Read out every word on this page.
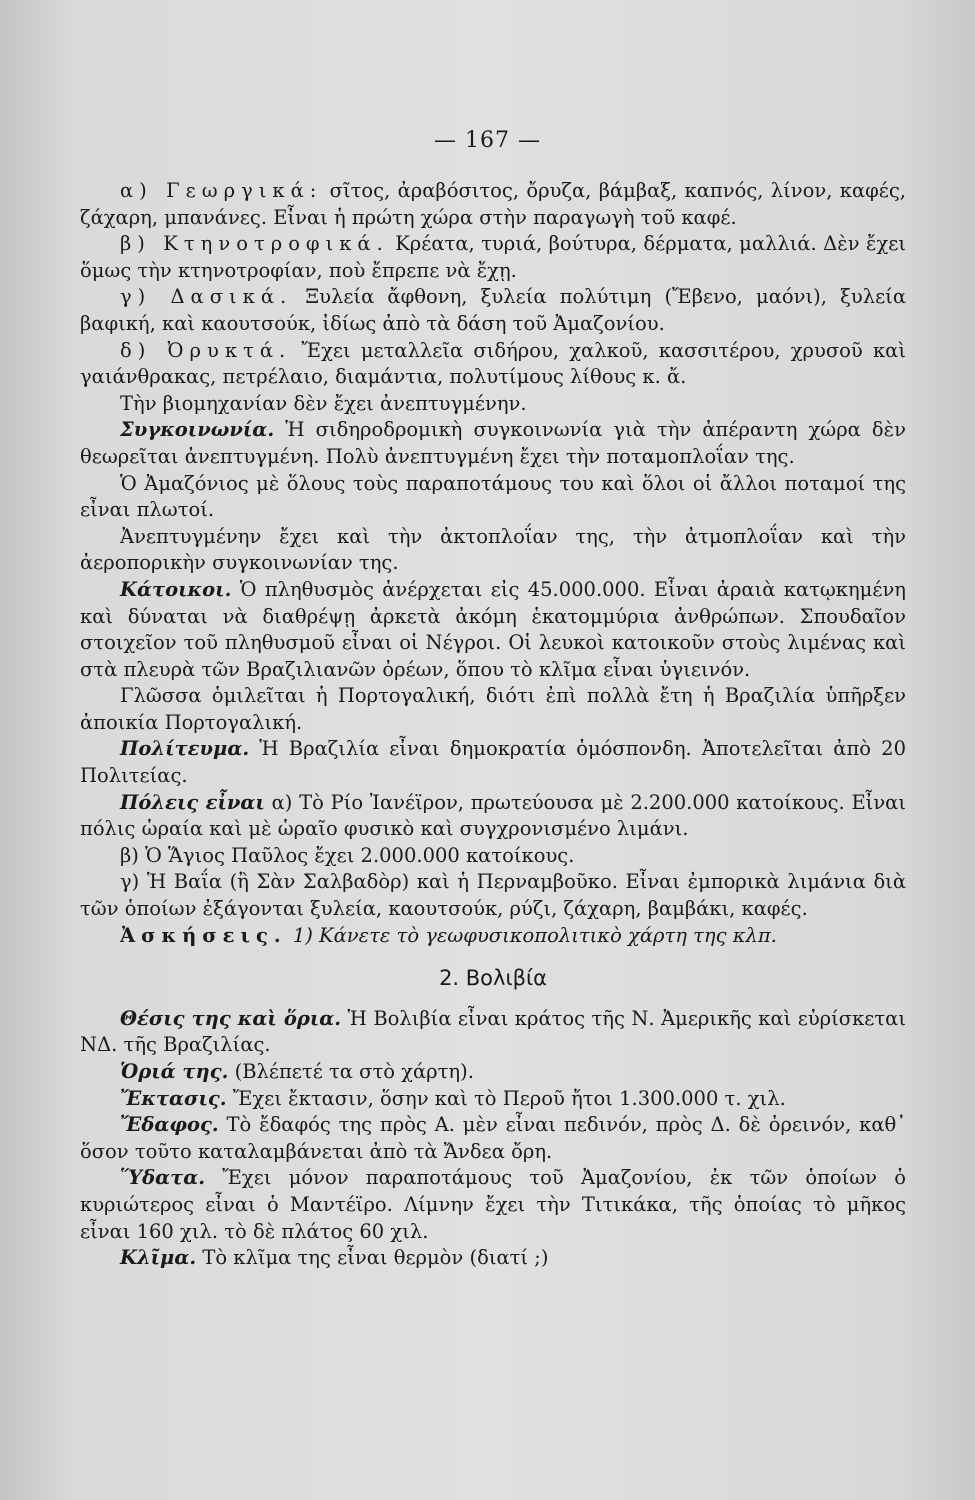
— 167 —

α) Γεωργικά: σῖτος, ἀραβόσιτος, ὄρυζα, βάμβαξ, καπνός, λίνον, καφές, ζάχαρη, μπανάνες. Εἶναι ἡ πρώτη χώρα στὴν παραγωγὴ τοῦ καφέ.

β) Κτηνοτροφικά. Κρέατα, τυριά, βούτυρα, δέρματα, μαλλιά. Δὲν ἔχει ὅμως τὴν κτηνοτροφίαν, ποὺ ἔπρεπε νὰ ἔχῃ.

γ) Δασικά. Ξυλεία ἄφθονη, ξυλεία πολύτιμη (Ἔβενο, μαόνι), ξυλεία βαφική, καὶ καουτσούκ, ἰδίως ἀπὸ τὰ δάση τοῦ Ἀμαζονίου.

δ) Ὀρυκτά. Ἔχει μεταλλεῖα σιδήρου, χαλκοῦ, κασσιτέρου, χρυσοῦ καὶ γαιάνθρακας, πετρέλαιο, διαμάντια, πολυτίμους λίθους κ. ἄ.

Τὴν βιομηχανίαν δὲν ἔχει ἀνεπτυγμένην.

Συγκοινωνία. Ἡ σιδηροδρομικὴ συγκοινωνία γιὰ τὴν ἀπέραντη χώρα δὲν θεωρεῖται ἀνεπτυγμένη. Πολὺ ἀνεπτυγμένη ἔχει τὴν ποταμοπλοΐαν της.

Ὁ Ἀμαζόνιος μὲ ὅλους τοὺς παραποτάμους του καὶ ὅλοι οἱ ἄλλοι ποταμοί της εἶναι πλωτοί.

Ἀνεπτυγμένην ἔχει καὶ τὴν ἀκτοπλοΐαν της, τὴν ἀτμοπλοΐαν καὶ τὴν ἀεροπορικὴν συγκοινωνίαν της.

Κάτοικοι. Ὁ πληθυσμὸς ἀνέρχεται εἰς 45.000.000. Εἶναι ἀραιὰ κατῳκημένη καὶ δύναται νὰ διαθρέψῃ ἀρκετὰ ἀκόμη ἑκατομμύρια ἀνθρώπων. Σπουδαῖον στοιχεῖον τοῦ πληθυσμοῦ εἶναι οἱ Νέγροι. Οἱ λευκοὶ κατοικοῦν στοὺς λιμένας καὶ στὰ πλευρὰ τῶν Βραζιλιανῶν ὀρέων, ὅπου τὸ κλῖμα εἶναι ὑγιεινόν.

Γλῶσσα ὁμιλεῖται ἡ Πορτογαλική, διότι ἐπὶ πολλὰ ἔτη ἡ Βραζιλία ὑπῆρξεν ἀποικία Πορτογαλική.

Πολίτευμα. Ἡ Βραζιλία εἶναι δημοκρατία ὁμόσπονδη. Ἀποτελεῖται ἀπὸ 20 Πολιτείας.

Πόλεις εἶναι α) Τὸ Ρίο Ἰανέϊρον, πρωτεύουσα μὲ 2.200.000 κατοίκους. Εἶναι πόλις ὡραία καὶ μὲ ὡραῖο φυσικὸ καὶ συγχρονισμένο λιμάνι.

β) Ὁ Ἅγιος Παῦλος ἔχει 2.000.000 κατοίκους.

γ) Ἡ Βαΐα (ἢ Σὰν Σαλβαδὸρ) καὶ ἡ Περναμβοῦκο. Εἶναι ἐμπορικὰ λιμάνια διὰ τῶν ὁποίων ἐξάγονται ξυλεία, καουτσούκ, ρύζι, ζάχαρη, βαμβάκι, καφές.

Ἀσκήσεις. 1) Κάνετε τὸ γεωφυσικοπολιτικὸ χάρτη της κλπ.

2. Βολιβία

Θέσις της καὶ ὅρια. Ἡ Βολιβία εἶναι κράτος τῆς Ν. Ἀμερικῆς καὶ εὑρίσκεται ΝΔ. τῆς Βραζιλίας.

Ὁριά της. (Βλέπετέ τα στὸ χάρτη).

Ἔκτασις. Ἔχει ἔκτασιν, ὅσην καὶ τὸ Περοῦ ἤτοι 1.300.000 τ. χιλ.

Ἔδαφος. Τὸ ἔδαφός της πρὸς Α. μὲν εἶναι πεδινόν, πρὸς Δ. δὲ ὀρεινόν, καθ᾿ ὅσον τοῦτο καταλαμβάνεται ἀπὸ τὰ Ἄνδεα ὄρη.

Ὕδατα. Ἔχει μόνον παραποτάμους τοῦ Ἀμαζονίου, ἐκ τῶν ὁποίων ὁ κυριώτερος εἶναι ὁ Μαντέϊρο. Λίμνην ἔχει τὴν Τιτικάκα, τῆς ὁποίας τὸ μῆκος εἶναι 160 χιλ. τὸ δὲ πλάτος 60 χιλ.

Κλῖμα. Τὸ κλῖμα της εἶναι θερμὸν (διατί ;)
